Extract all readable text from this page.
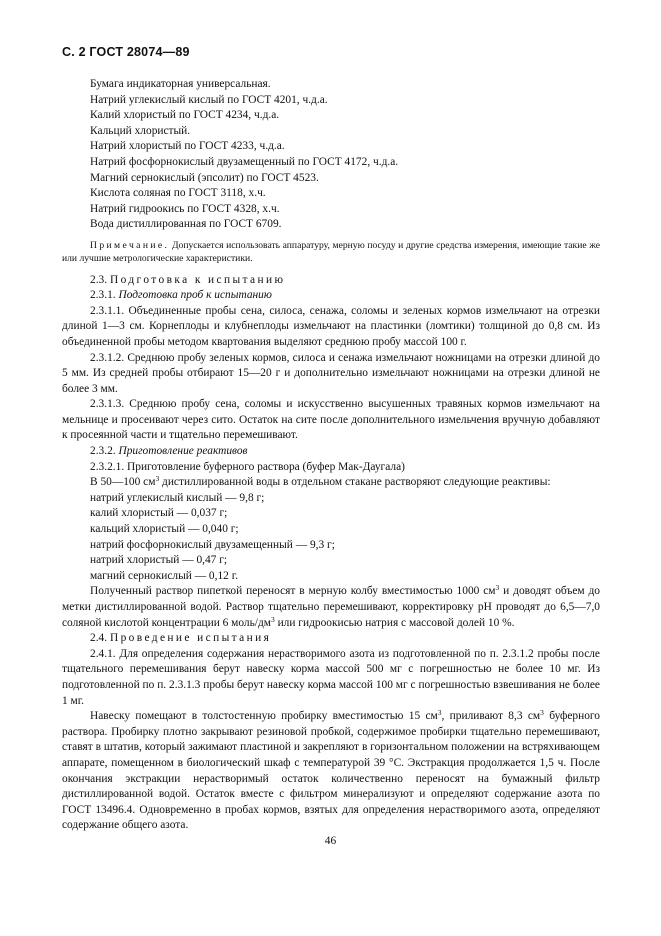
С. 2 ГОСТ 28074—89
Бумага индикаторная универсальная.
Натрий углекислый кислый по ГОСТ 4201, ч.д.а.
Калий хлористый по ГОСТ 4234, ч.д.а.
Кальций хлористый.
Натрий хлористый по ГОСТ 4233, ч.д.а.
Натрий фосфорнокислый двузамещенный по ГОСТ 4172, ч.д.а.
Магний сернокислый (эпсолит) по ГОСТ 4523.
Кислота соляная по ГОСТ 3118, х.ч.
Натрий гидроокись по ГОСТ 4328, х.ч.
Вода дистиллированная по ГОСТ 6709.

Примечание. Допускается использовать аппаратуру, мерную посуду и другие средства измерения, имеющие такие же или лучшие метрологические характеристики.

2.3. Подготовка к испытанию
2.3.1. Подготовка проб к испытанию

2.3.1.1. Объединенные пробы сена, силоса, сенажа, соломы и зеленых кормов измельчают на отрезки длиной 1—3 см. Корнеплоды и клубнеплоды измельчают на пластинки (ломтики) толщиной до 0,8 см. Из объединенной пробы методом квартования выделяют среднюю пробу массой 100 г.

2.3.1.2. Среднюю пробу зеленых кормов, силоса и сенажа измельчают ножницами на отрезки длиной до 5 мм. Из средней пробы отбирают 15—20 г и дополнительно измельчают ножницами на отрезки длиной не более 3 мм.

2.3.1.3. Среднюю пробу сена, соломы и искусственно высушенных травяных кормов измельчают на мельнице и просеивают через сито. Остаток на сите после дополнительного измельчения вручную добавляют к просеянной части и тщательно перемешивают.

2.3.2. Приготовление реактивов
2.3.2.1. Приготовление буферного раствора (буфер Мак-Даугала)

В 50—100 $см^3$ дистиллированной воды в отдельном стакане растворяют следующие реактивы:

натрий углекислый кислый — 9,8 г;
калий хлористый — 0,037 г;
кальций хлористый — 0,040 г;
натрий фосфорнокислый двузамещенный — 9,3 г;
натрий хлористый — 0,47 г;
магний сернокислый — 0,12 г.

Полученный раствор пипеткой переносят в мерную колбу вместимостью 1000 $см^3$ и доводят объем до метки дистиллированной водой. Раствор тщательно перемешивают, корректировку pH проводят до 6,5—7,0 соляной кислотой концентрации 6 моль/$дм^3$ или гидроокисью натрия с массовой долей 10 %.

2.4. Проведение испытания

2.4.1. Для определения содержания нерастворимого азота из подготовленной по п. 2.3.1.2 пробы после тщательного перемешивания берут навеску корма массой 500 мг с погрешностью не более 10 мг. Из подготовленной по п. 2.3.1.3 пробы берут навеску корма массой 100 мг с погрешностью взвешивания не более 1 мг.

Навеску помещают в толстостенную пробирку вместимостью 15 $см^3$, приливают 8,3 $см^3$ буферного раствора. Пробирку плотно закрывают резиновой пробкой, содержимое пробирки тщательно перемешивают, ставят в штатив, который зажимают пластиной и закрепляют в горизонтальном положении на встряхивающем аппарате, помещенном в биологический шкаф с температурой 39 °С. Экстракция продолжается 1,5 ч. После окончания экстракции нерастворимый остаток количественно переносят на бумажный фильтр дистиллированной водой. Остаток вместе с фильтром минерализуют и определяют содержание азота по ГОСТ 13496.4. Одновременно в пробах кормов, взятых для определения нерастворимого азота, определяют содержание общего азота.

46
